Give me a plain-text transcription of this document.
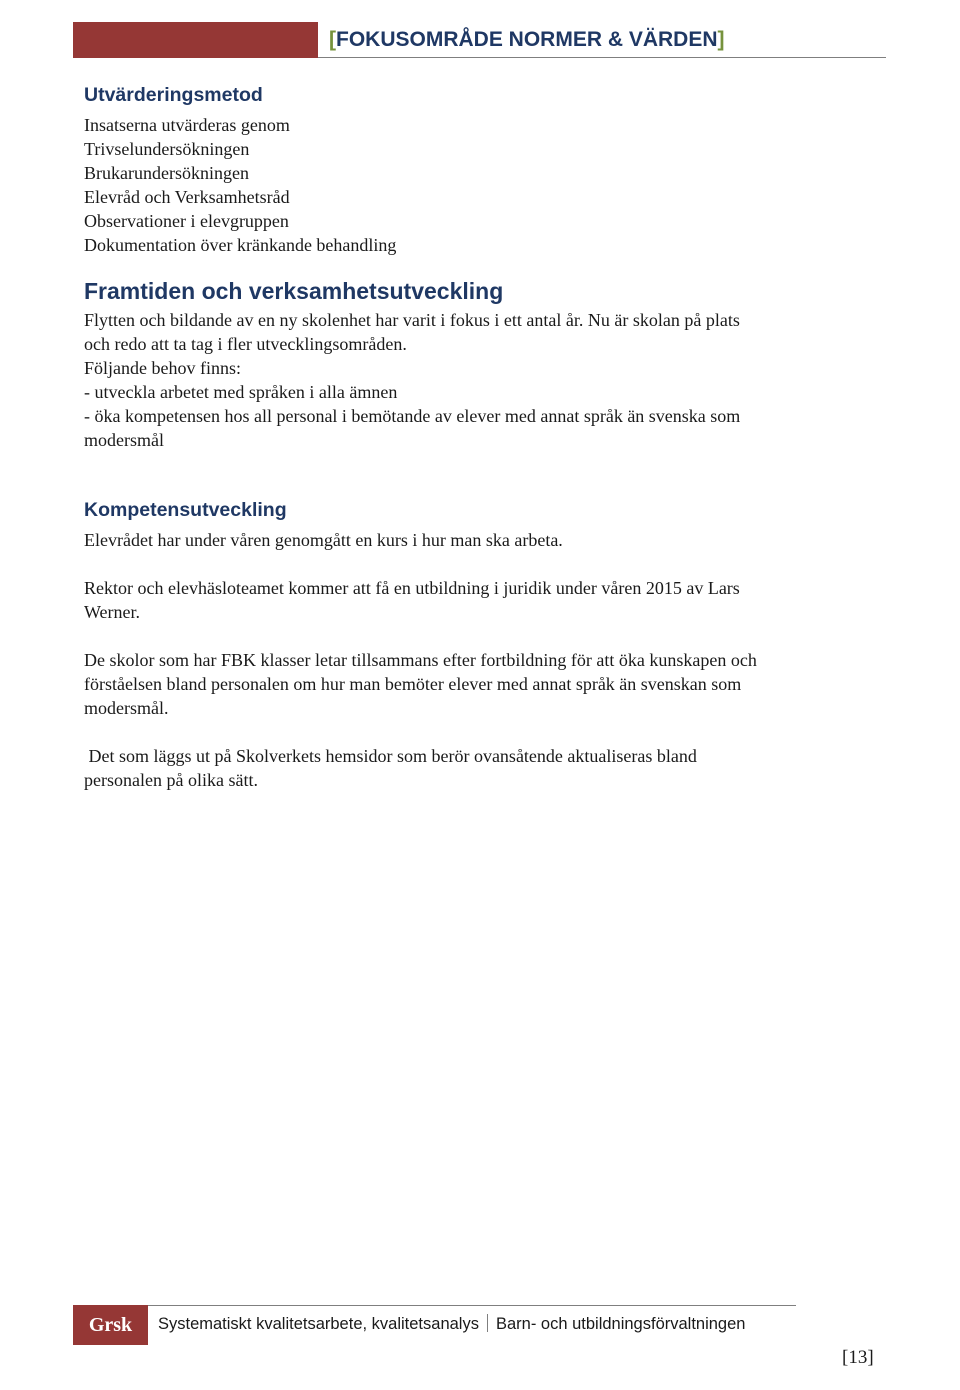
[FOKUSOMRÅDE NORMER & VÄRDEN]
Utvärderingsmetod

Insatserna utvärderas genom

Trivselundersökningen

Brukarundersökningen

Elevråd och Verksamhetsråd

Observationer i elevgruppen

Dokumentation över kränkande behandling

Framtiden och verksamhetsutveckling

Flytten och bildande av en ny skolenhet har varit i fokus i ett antal år. Nu är skolan på plats

och redo att ta tag i fler utvecklingsområden.

Följande behov finns:

- utveckla arbetet med språken i alla ämnen

- öka kompetensen hos all personal i bemötande av elever med annat språk än svenska som

modersmål

Kompetensutveckling

Elevrådet har under våren genomgått en kurs i hur man ska arbeta.

Rektor och elevhäsloteamet kommer att få en utbildning i juridik under våren 2015 av Lars

Werner.

De skolor som har FBK klasser letar tillsammans efter fortbildning för att öka kunskapen och

förståelsen bland personalen om hur man bemöter elever med annat språk än svenskan som

modersmål.

Det som läggs ut på Skolverkets hemsidor som berör ovansåtende aktualiseras bland

personalen på olika sätt.

Grsk	Systematiskt kvalitetsarbete, kvalitetsanalys Barn- och utbildningsförvaltningen
[13]
